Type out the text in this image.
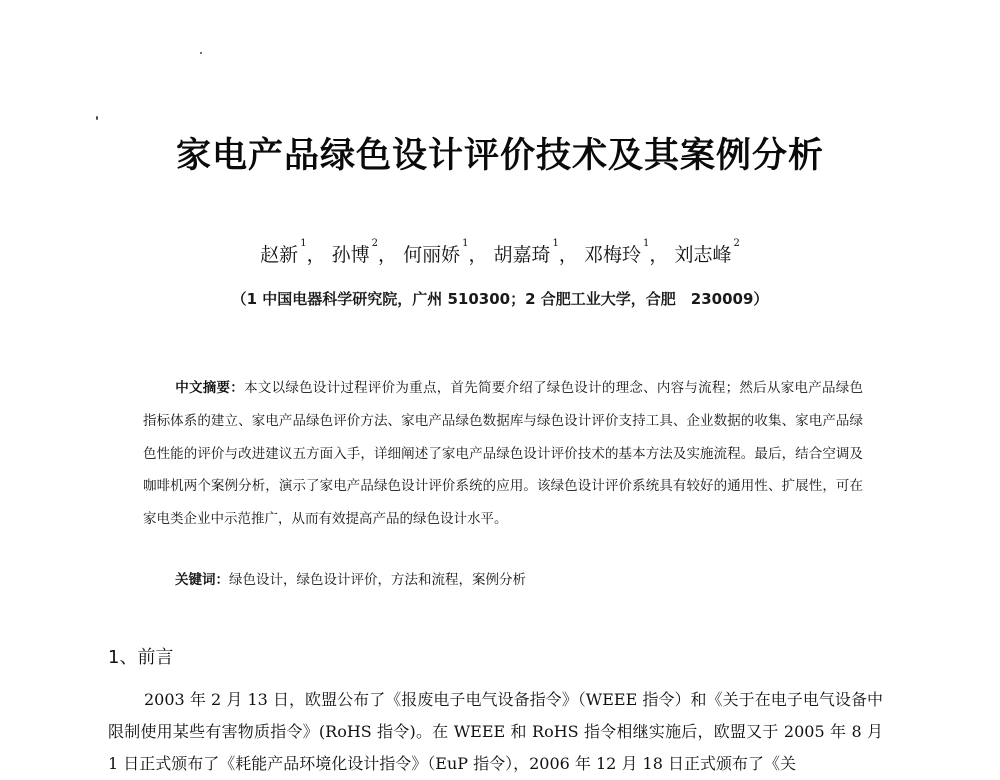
家电产品绿色设计评价技术及其案例分析
赵新$^1$， 孙博$^2$， 何丽娇$^1$， 胡嘉琦$^1$， 邓梅玲$^1$， 刘志峰$^2$
（1 中国电器科学研究院，广州 510300；2 合肥工业大学，合肥　230009）
中文摘要：本文以绿色设计过程评价为重点，首先简要介绍了绿色设计的理念、内容与流程；然后从家电产品绿色指标体系的建立、家电产品绿色评价方法、家电产品绿色数据库与绿色设计评价支持工具、企业数据的收集、家电产品绿色性能的评价与改进建议五方面入手，详细阐述了家电产品绿色设计评价技术的基本方法及实施流程。最后，结合空调及咖啡机两个案例分析，演示了家电产品绿色设计评价系统的应用。该绿色设计评价系统具有较好的通用性、扩展性，可在家电类企业中示范推广，从而有效提高产品的绿色设计水平。
关键词：绿色设计，绿色设计评价，方法和流程，案例分析
1、前言
2003 年 2 月 13 日，欧盟公布了《报废电子电气设备指令》（WEEE 指令）和《关于在电子电气设备中限制使用某些有害物质指令》(RoHS 指令)。在 WEEE 和 RoHS 指令相继实施后，欧盟又于 2005 年 8 月 1 日正式颁布了《耗能产品环境化设计指令》（EuP 指令），2006 年 12 月 18 日正式颁布了《关
